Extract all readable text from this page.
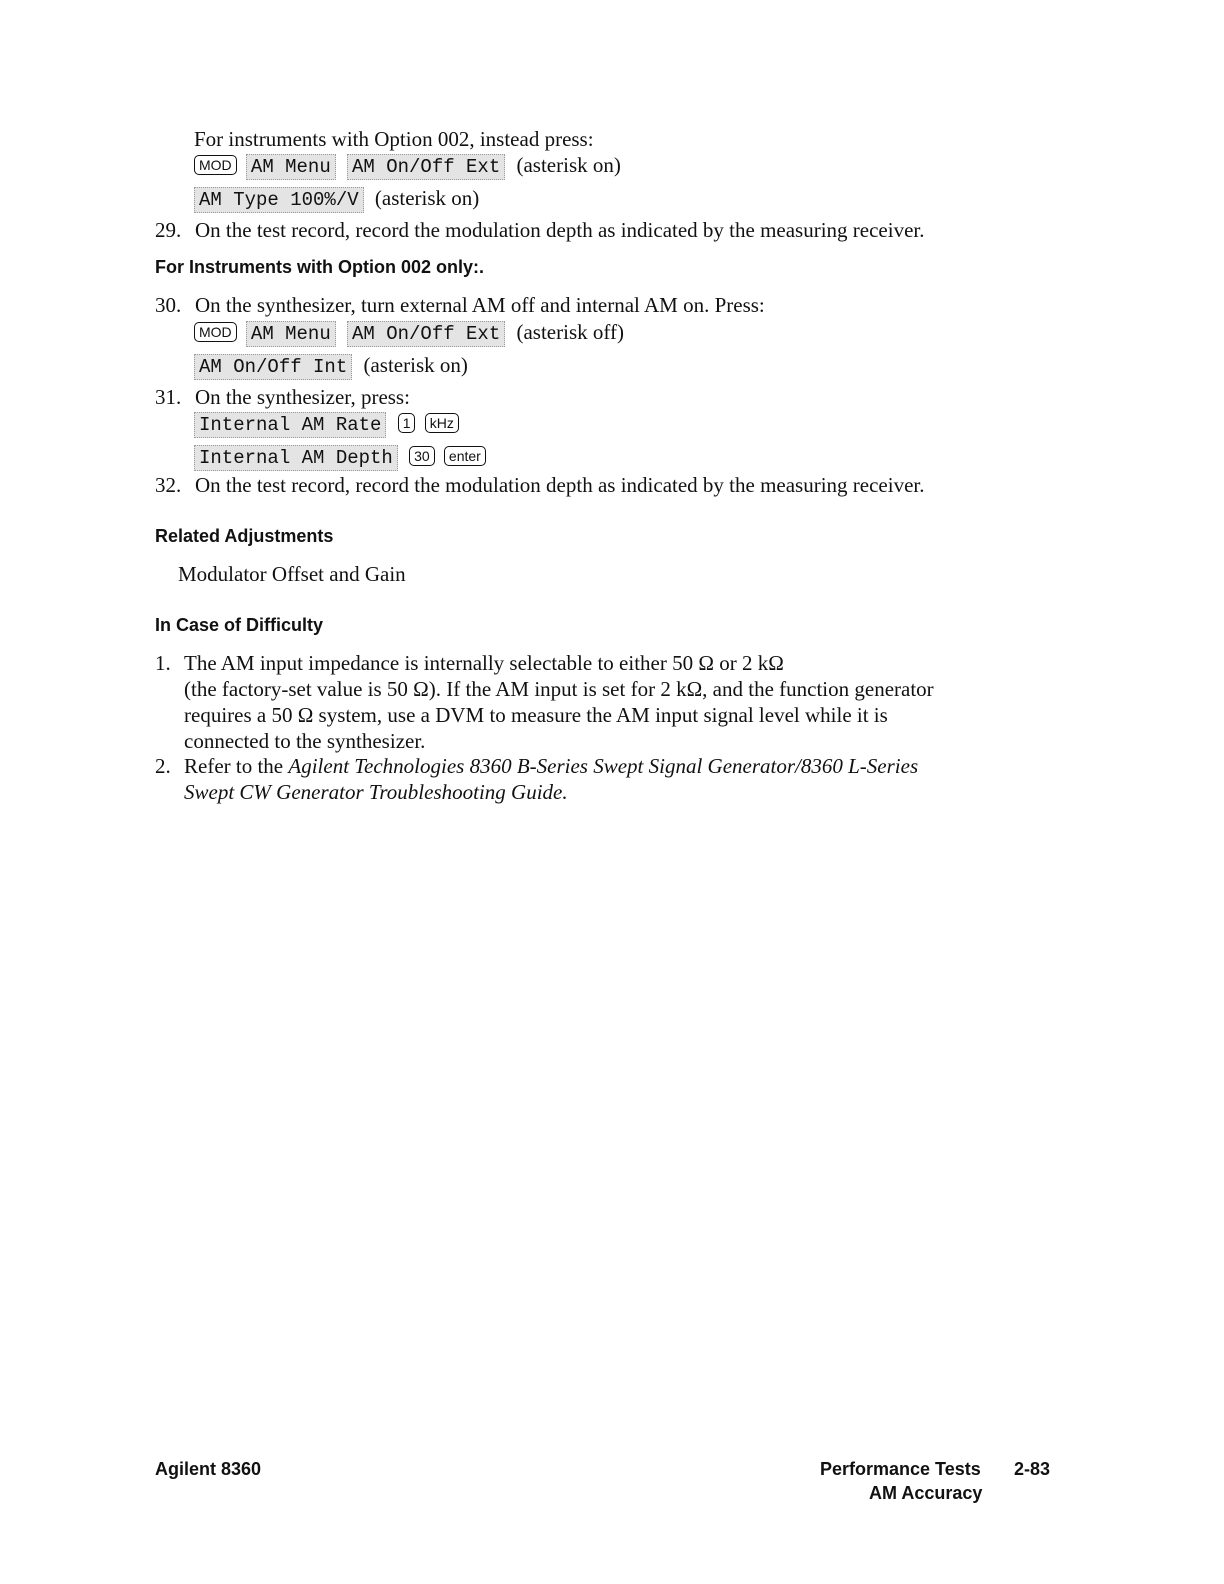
For instruments with Option 002, instead press:
MOD AM Menu AM On/Off Ext (asterisk on)
AM Type 100%/V (asterisk on)
29. On the test record, record the modulation depth as indicated by the measuring receiver.
For Instruments with Option 002 only:.
30. On the synthesizer, turn external AM off and internal AM on. Press:
MOD AM Menu AM On/Off Ext (asterisk off)
AM On/Off Int (asterisk on)
31. On the synthesizer, press:
Internal AM Rate 1 kHz
Internal AM Depth 30 enter
32. On the test record, record the modulation depth as indicated by the measuring receiver.
Related Adjustments
Modulator Offset and Gain
In Case of Difficulty
1. The AM input impedance is internally selectable to either 50 Ω or 2 kΩ
(the factory-set value is 50 Ω). If the AM input is set for 2 kΩ, and the function generator
requires a 50 Ω system, use a DVM to measure the AM input signal level while it is
connected to the synthesizer.
2. Refer to the Agilent Technologies 8360 B-Series Swept Signal Generator/8360 L-Series
Swept CW Generator Troubleshooting Guide.
Agilent 8360	Performance Tests 2-83
AM Accuracy
